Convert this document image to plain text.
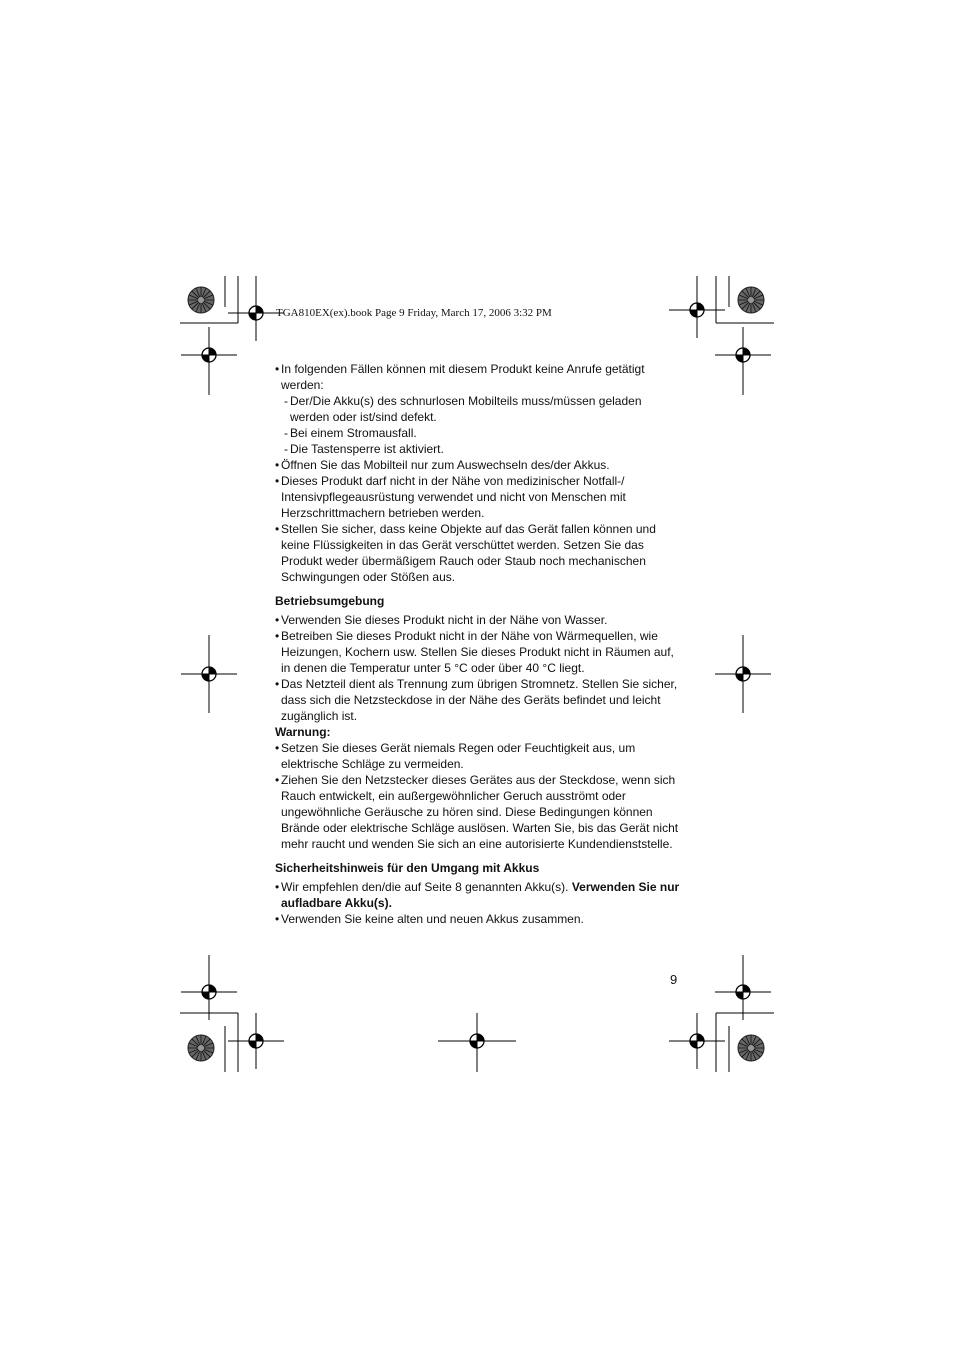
TGA810EX(ex).book Page 9 Friday, March 17, 2006 3:32 PM
• In folgenden Fällen können mit diesem Produkt keine Anrufe getätigt werden:
- Der/Die Akku(s) des schnurlosen Mobilteils muss/müssen geladen werden oder ist/sind defekt.
- Bei einem Stromausfall.
- Die Tastensperre ist aktiviert.
• Öffnen Sie das Mobilteil nur zum Auswechseln des/der Akkus.
• Dieses Produkt darf nicht in der Nähe von medizinischer Notfall-/ Intensivpflegeausrüstung verwendet und nicht von Menschen mit Herzschrittmachern betrieben werden.
• Stellen Sie sicher, dass keine Objekte auf das Gerät fallen können und keine Flüssigkeiten in das Gerät verschüttet werden. Setzen Sie das Produkt weder übermäßigem Rauch oder Staub noch mechanischen Schwingungen oder Stößen aus.
Betriebsumgebung
• Verwenden Sie dieses Produkt nicht in der Nähe von Wasser.
• Betreiben Sie dieses Produkt nicht in der Nähe von Wärmequellen, wie Heizungen, Kochern usw. Stellen Sie dieses Produkt nicht in Räumen auf, in denen die Temperatur unter 5 °C oder über 40 °C liegt.
• Das Netzteil dient als Trennung zum übrigen Stromnetz. Stellen Sie sicher, dass sich die Netzsteckdose in der Nähe des Geräts befindet und leicht zugänglich ist.
Warnung:
• Setzen Sie dieses Gerät niemals Regen oder Feuchtigkeit aus, um elektrische Schläge zu vermeiden.
• Ziehen Sie den Netzstecker dieses Gerätes aus der Steckdose, wenn sich Rauch entwickelt, ein außergewöhnlicher Geruch ausströmt oder ungewöhnliche Geräusche zu hören sind. Diese Bedingungen können Brände oder elektrische Schläge auslösen. Warten Sie, bis das Gerät nicht mehr raucht und wenden Sie sich an eine autorisierte Kundendienststelle.
Sicherheitshinweis für den Umgang mit Akkus
• Wir empfehlen den/die auf Seite 8 genannten Akku(s). Verwenden Sie nur aufladbare Akku(s).
• Verwenden Sie keine alten und neuen Akkus zusammen.
9
